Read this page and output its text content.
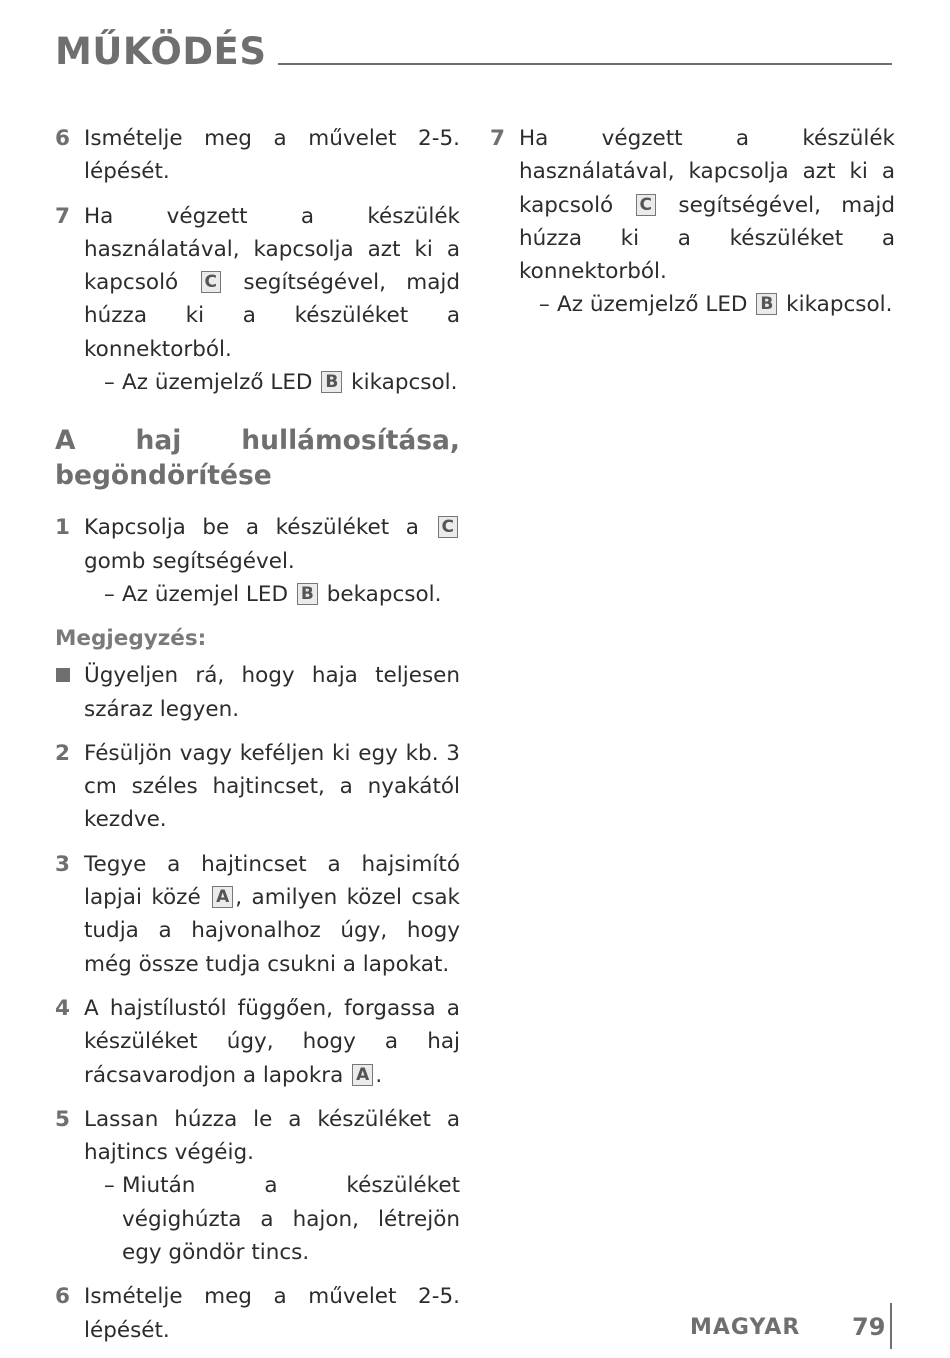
MŰKÖDÉS
6 Ismételje meg a művelet 2-5. lépését.
7 Ha végzett a készülék használatával, kapcsolja azt ki a kapcsoló C segítségével, majd húzza ki a készüléket a konnektorból.
– Az üzemjelző LED B kikapcsol.
A haj hullámosítása, begöndörítése
1 Kapcsolja be a készüléket a C gomb segítségével.
– Az üzemjel LED B bekapcsol.
Megjegyzés:
Ügyeljen rá, hogy haja teljesen száraz legyen.
2 Fésüljön vagy keféljen ki egy kb. 3 cm széles hajtincset, a nyakától kezdve.
3 Tegye a hajtincset a hajsimító lapjai közé A , amilyen közel csak tudja a hajvonalhoz úgy, hogy még össze tudja csukni a lapokat.
4 A hajstílustól függően, forgassa a készüléket úgy, hogy a haj rácsavarodjon a lapokra A .
5 Lassan húzza le a készüléket a hajtincs végéig.
– Miután a készüléket végighúzta a hajon, létrejön egy göndör tincs.
6 Ismételje meg a művelet 2-5. lépését.
7 Ha végzett a készülék használatával, kapcsolja azt ki a kapcsoló C segítségével, majd húzza ki a készüléket a konnektorból.
– Az üzemjelző LED B kikapcsol.
MAGYAR 79
